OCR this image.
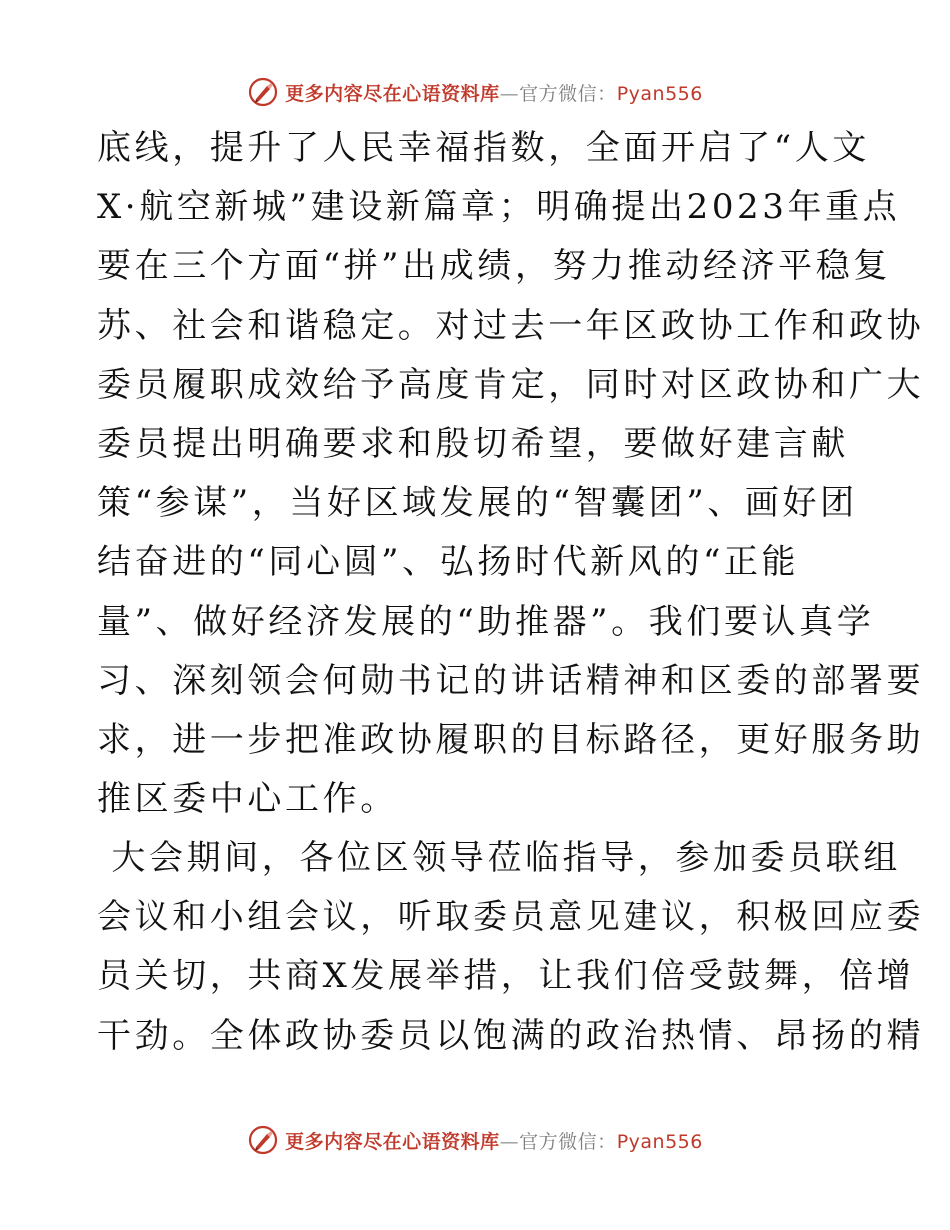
更多内容尽在心语资料库—官方微信：Pyan556
底线，提升了人民幸福指数，全面开启了“人文
X·航空新城”建设新篇章；明确提出2023年重点
要在三个方面“拼”出成绩，努力推动经济平稳复
苏、社会和谐稳定。对过去一年区政协工作和政协
委员履职成效给予高度肯定，同时对区政协和广大
委员提出明确要求和殷切希望，要做好建言献
策“参谋”，当好区域发展的“智囊团”、画好团
结奋进的“同心圆”、弘扬时代新风的“正能
量”、做好经济发展的“助推器”。我们要认真学
习、深刻领会何勋书记的讲话精神和区委的部署要
求，进一步把准政协履职的目标路径，更好服务助
推区委中心工作。
大会期间，各位区领导莅临指导，参加委员联组
会议和小组会议，听取委员意见建议，积极回应委
员关切，共商X发展举措，让我们倍受鼓舞，倍增
干劲。全体政协委员以饱满的政治热情、昂扬的精
更多内容尽在心语资料库—官方微信：Pyan556
